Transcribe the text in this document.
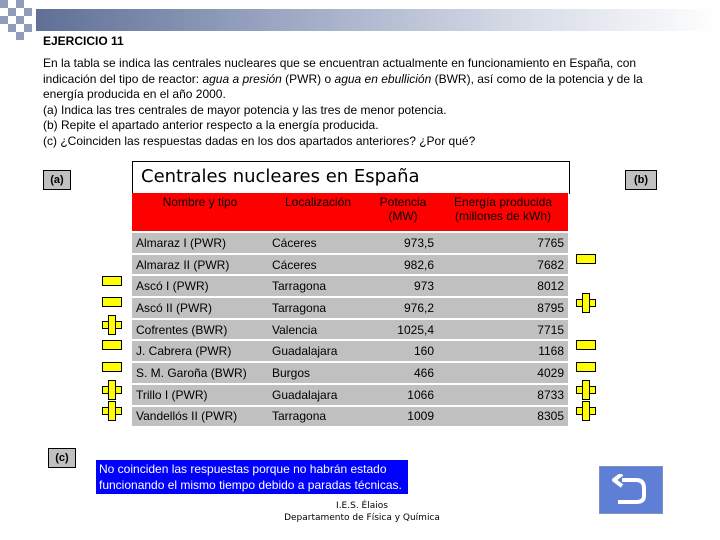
EJERCICIO 11

En la tabla se indica las centrales nucleares que se encuentran actualmente en funcionamiento en España, con

indicación del tipo de reactor: agua a presión (PWR) o agua en ebullición (BWR), así como de la potencia y de la

energía producida en el año 2000.

(a) Indica las tres centrales de mayor potencia y las tres de menor potencia.

(b) Repite el apartado anterior respecto a la energía producida.

(c) ¿Coinciden las respuestas dadas en los dos apartados anteriores? ¿Por qué?

(a)	(b)
(c)
Centrales nucleares en España
Nombre y tipo	Localización	Potencia (MW)	Energía producida (millones de kWh)
Almaraz I (PWR)	Cáceres	973,5	7765
Almaraz II (PWR)	Cáceres	982,6	7682
Ascó I (PWR)	Tarragona	973	8012
Ascó II (PWR)	Tarragona	976,2	8795
Cofrentes (BWR)	Valencia	1025,4	7715
J. Cabrera (PWR)	Guadalajara	160	1168
S. M. Garoña (BWR)	Burgos	466	4029
Trillo I (PWR)	Guadalajara	1066	8733
Vandellós II (PWR)	Tarragona	1009	8305
No coinciden las respuestas porque no habrán estado funcionando el mismo tiempo debido a paradas técnicas.
I.E.S. Élaios
Departamento de Física y Química
